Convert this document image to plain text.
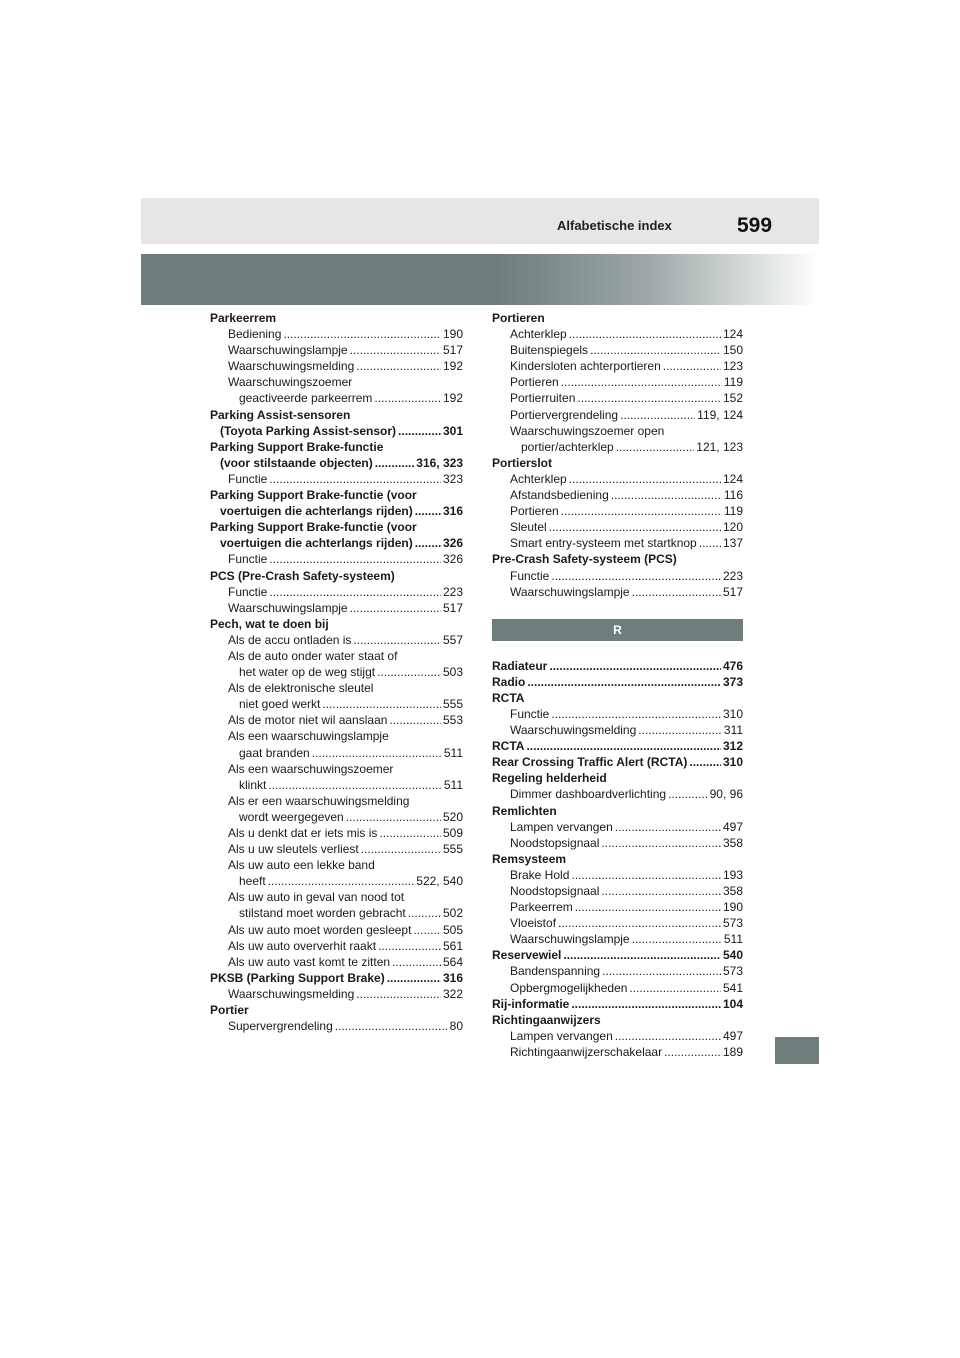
Alfabetische index	599
Parkeerrem
Bediening .....	190
Waarschuwingslampje .....	517
Waarschuwingsmelding .....	192
Waarschuwingszoemer
geactiveerde parkeerrem .....	192
Parking Assist-sensoren
(Toyota Parking Assist-sensor) .....	301
Parking Support Brake-functie
(voor stilstaande objecten) .....	316, 323
Functie .....	323
Parking Support Brake-functie (voor
voertuigen die achterlangs rijden) .....	316
Parking Support Brake-functie (voor
voertuigen die achterlangs rijden) .....	326
Functie .....	326
PCS (Pre-Crash Safety-systeem)
Functie .....	223
Waarschuwingslampje .....	517
Pech, wat te doen bij
Als de accu ontladen is .....	557
Als de auto onder water staat of
het water op de weg stijgt .....	503
Als de elektronische sleutel
niet goed werkt .....	555
Als de motor niet wil aanslaan .....	553
Als een waarschuwingslampje
gaat branden .....	511
Als een waarschuwingszoemer
klinkt .....	511
Als er een waarschuwingsmelding
wordt weergegeven .....	520
Als u denkt dat er iets mis is .....	509
Als u uw sleutels verliest .....	555
Als uw auto een lekke band
heeft .....	522, 540
Als uw auto in geval van nood tot
stilstand moet worden gebracht .....	502
Als uw auto moet worden gesleept .....	505
Als uw auto oververhit raakt .....	561
Als uw auto vast komt te zitten .....	564
PKSB (Parking Support Brake) .....	316
Waarschuwingsmelding .....	322
Portier
Supervergrendeling .....	80
Portieren
Achterklep .....	124
Buitenspiegels .....	150
Kindersloten achterportieren .....	123
Portieren .....	119
Portierruiten .....	152
Portiervergrendeling .....	119, 124
Waarschuwingszoemer open
portier/achterklep .....	121, 123
Portierslot
Achterklep .....	124
Afstandsbediening .....	116
Portieren .....	119
Sleutel .....	120
Smart entry-systeem met startknop ..... 137
Pre-Crash Safety-systeem (PCS)
Functie .....	223
Waarschuwingslampje .....	517
R
Radiateur .....	476
Radio .....	373
RCTA
Functie .....	310
Waarschuwingsmelding .....	311
RCTA .....	312
Rear Crossing Traffic Alert (RCTA) .....	310
Regeling helderheid
Dimmer dashboardverlichting .....	90, 96
Remlichten
Lampen vervangen .....	497
Noodstopsignaal .....	358
Remsysteem
Brake Hold .....	193
Noodstopsignaal .....	358
Parkeerrem .....	190
Vloeistof .....	573
Waarschuwingslampje .....	511
Reservewiel .....	540
Bandenspanning .....	573
Opbergmogelijkheden .....	541
Rij-informatie .....	104
Richtingaanwijzers
Lampen vervangen .....	497
Richtingaanwijzerschakelaar .....	189
